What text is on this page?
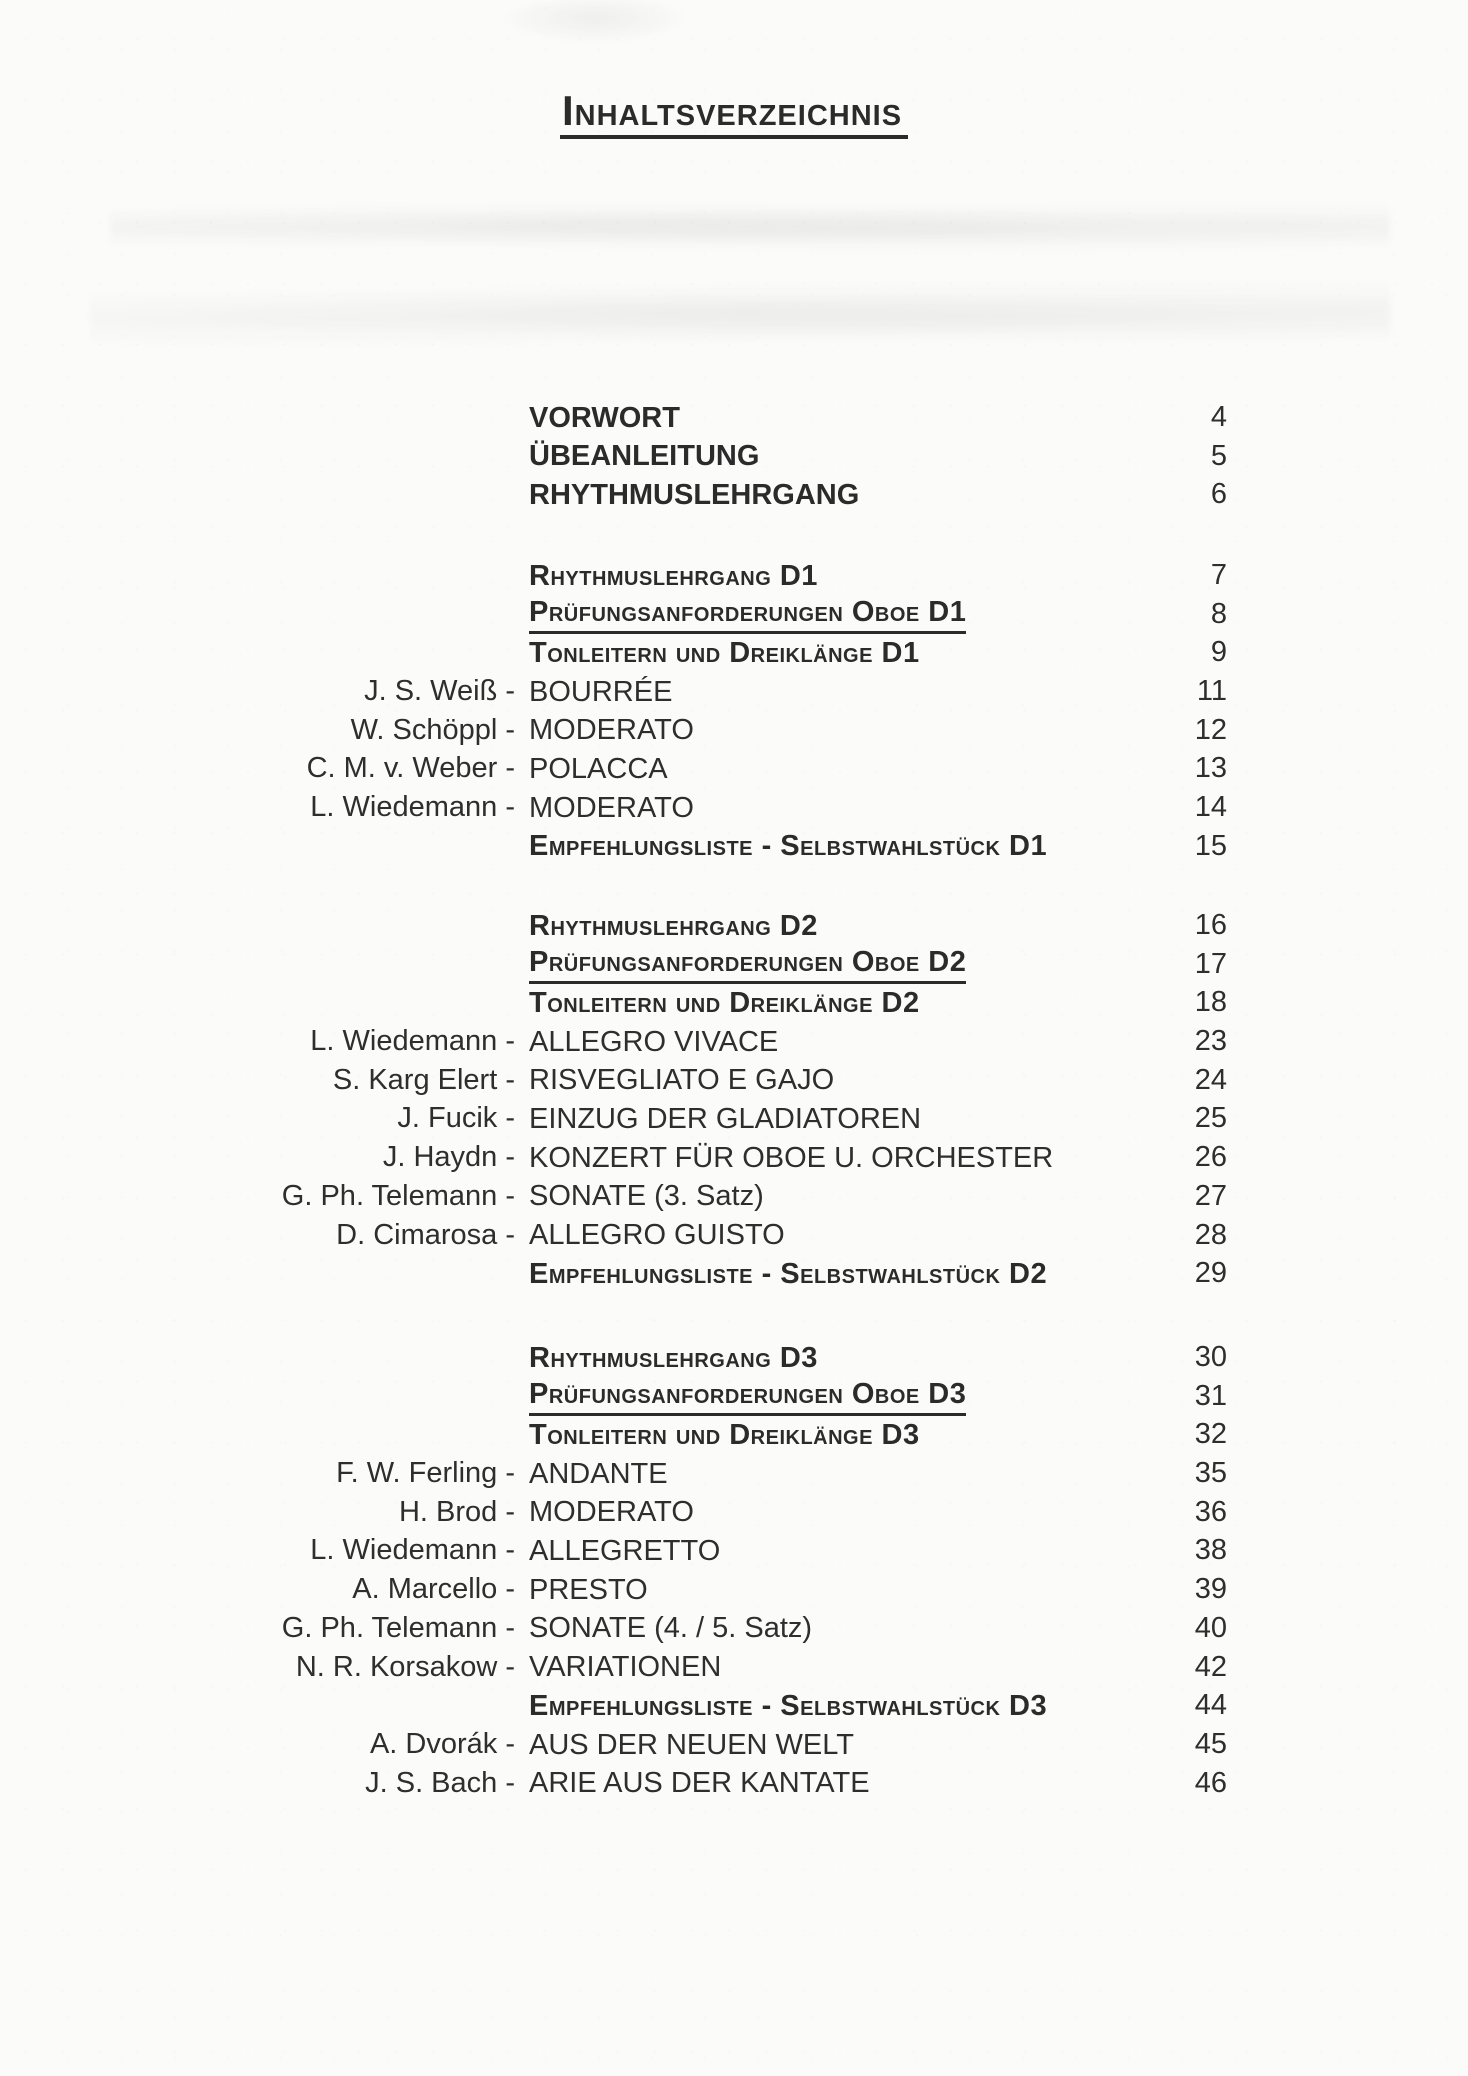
Inhaltsverzeichnis
VORWORT	4
ÜBEANLEITUNG	5
RHYTHMUSLEHRGANG	6
Rhythmuslehrgang D1	7
Prüfungsanforderungen Oboe D1	8
Tonleitern und Dreiklänge D1	9
J. S. Weiß - BOURRÉE	11
W. Schöppl - MODERATO	12
C. M. v. Weber - POLACCA	13
L. Wiedemann - MODERATO	14
Empfehlungsliste - Selbstwahlstück D1	15
Rhythmuslehrgang D2	16
Prüfungsanforderungen Oboe D2	17
Tonleitern und Dreiklänge D2	18
L. Wiedemann - ALLEGRO VIVACE	23
S. Karg Elert - RISVEGLIATO E GAJO	24
J. Fucik - EINZUG DER GLADIATOREN	25
J. Haydn - KONZERT FÜR OBOE U. ORCHESTER	26
G. Ph. Telemann - SONATE (3. Satz)	27
D. Cimarosa - ALLEGRO GUISTO	28
Empfehlungsliste - Selbstwahlstück D2	29
Rhythmuslehrgang D3	30
Prüfungsanforderungen Oboe D3	31
Tonleitern und Dreiklänge D3	32
F. W. Ferling - ANDANTE	35
H. Brod - MODERATO	36
L. Wiedemann - ALLEGRETTO	38
A. Marcello - PRESTO	39
G. Ph. Telemann - SONATE (4. / 5. Satz)	40
N. R. Korsakow - VARIATIONEN	42
Empfehlungsliste - Selbstwahlstück D3	44
A. Dvorák - AUS DER NEUEN WELT	45
J. S. Bach - ARIE AUS DER KANTATE	46
